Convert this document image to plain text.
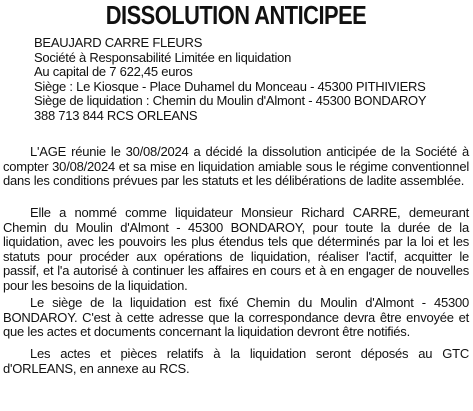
DISSOLUTION ANTICIPEE
BEAUJARD CARRE FLEURS
Société à Responsabilité Limitée en liquidation
Au capital de 7 622,45 euros
Siège : Le Kiosque - Place Duhamel du Monceau - 45300 PITHIVIERS
Siège de liquidation : Chemin du Moulin d'Almont - 45300 BONDAROY
388 713 844 RCS ORLEANS

L'AGE réunie le 30/08/2024 a décidé la dissolution anticipée de la Société à compter 30/08/2024 et sa mise en liquidation amiable sous le régime conventionnel dans les conditions prévues par les statuts et les délibérations de ladite assemblée.

Elle a nommé comme liquidateur Monsieur Richard CARRE, demeurant Chemin du Moulin d'Almont - 45300 BONDAROY, pour toute la durée de la liquidation, avec les pouvoirs les plus étendus tels que déterminés par la loi et les statuts pour procéder aux opérations de liquidation, réaliser l'actif, acquitter le passif, et l'a autorisé à continuer les affaires en cours et à en engager de nouvelles pour les besoins de la liquidation.

Le siège de la liquidation est fixé Chemin du Moulin d'Almont - 45300 BONDAROY. C'est à cette adresse que la correspondance devra être envoyée et que les actes et documents concernant la liquidation devront être notifiés.

Les actes et pièces relatifs à la liquidation seront déposés au GTC d'ORLEANS, en annexe au RCS.
